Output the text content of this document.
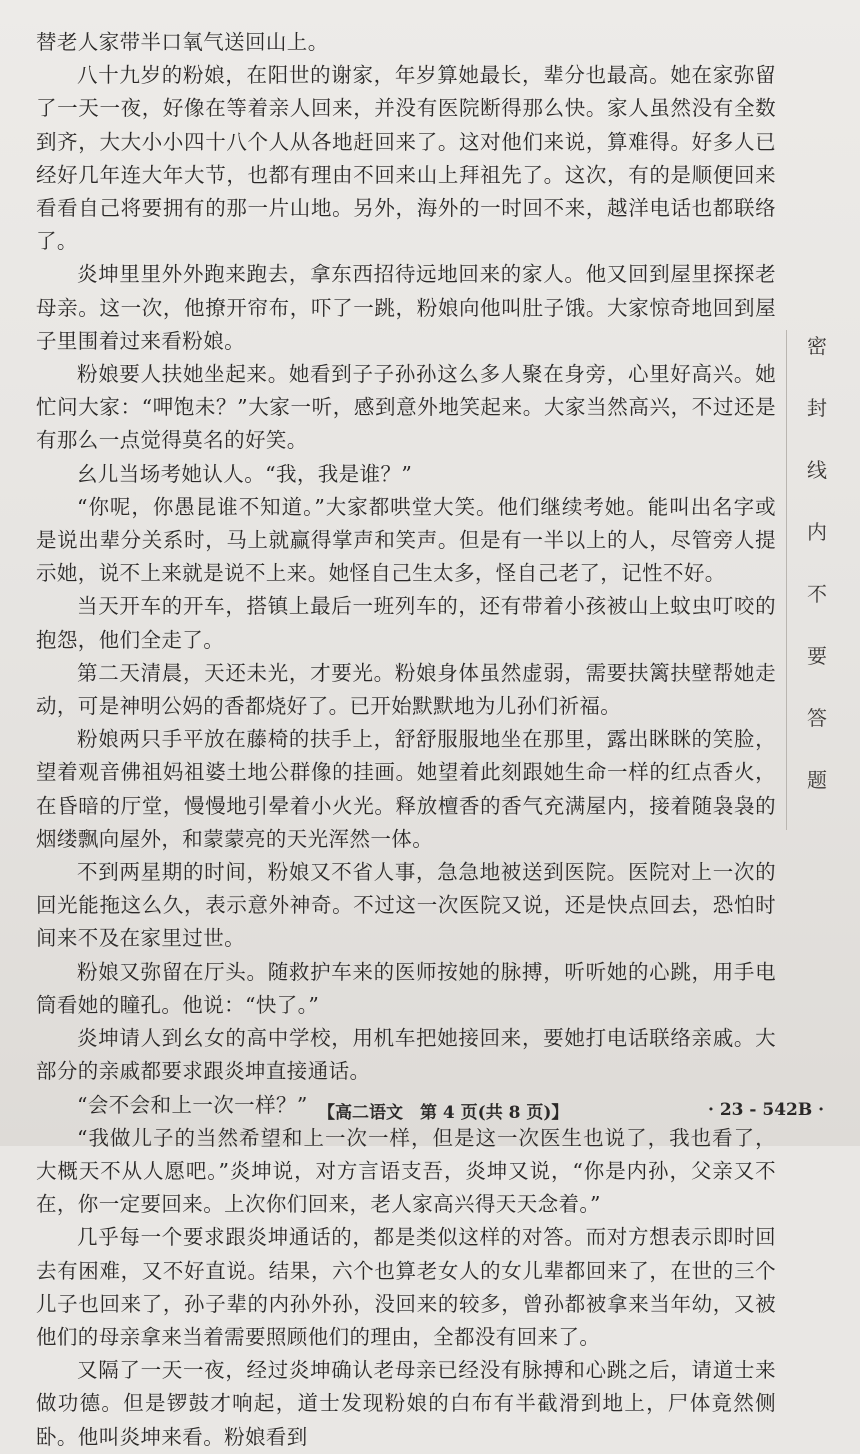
替老人家带半口氧气送回山上。

八十九岁的粉娘，在阳世的谢家，年岁算她最长，辈分也最高。她在家弥留了一天一夜，好像在等着亲人回来，并没有医院断得那么快。家人虽然没有全数到齐，大大小小四十八个人从各地赶回来了。这对他们来说，算难得。好多人已经好几年连大年大节，也都有理由不回来山上拜祖先了。这次，有的是顺便回来看看自己将要拥有的那一片山地。另外，海外的一时回不来，越洋电话也都联络了。

炎坤里里外外跑来跑去，拿东西招待远地回来的家人。他又回到屋里探探老母亲。这一次，他撩开帘布，吓了一跳，粉娘向他叫肚子饿。大家惊奇地回到屋子里围着过来看粉娘。

粉娘要人扶她坐起来。她看到子子孙孙这么多人聚在身旁，心里好高兴。她忙问大家：“呷饱未？”大家一听，感到意外地笑起来。大家当然高兴，不过还是有那么一点觉得莫名的好笑。

幺儿当场考她认人。“我，我是谁？”

“你呢，你愚昆谁不知道。”大家都哄堂大笑。他们继续考她。能叫出名字或是说出辈分关系时，马上就赢得掌声和笑声。但是有一半以上的人，尽管旁人提示她，说不上来就是说不上来。她怪自己生太多，怪自己老了，记性不好。

当天开车的开车，搭镇上最后一班列车的，还有带着小孩被山上蚊虫叮咬的抱怨，他们全走了。

第二天清晨，天还未光，才要光。粉娘身体虽然虚弱，需要扶篱扶壁帮她走动，可是神明公妈的香都烧好了。已开始默默地为儿孙们祈福。

粉娘两只手平放在藤椅的扶手上，舒舒服服地坐在那里，露出眯眯的笑脸，望着观音佛祖妈祖婆土地公群像的挂画。她望着此刻跟她生命一样的红点香火，在昏暗的厅堂，慢慢地引晕着小火光。释放檀香的香气充满屋内，接着随袅袅的烟缕飘向屋外，和蒙蒙亮的天光浑然一体。

不到两星期的时间，粉娘又不省人事，急急地被送到医院。医院对上一次的回光能拖这么久，表示意外神奇。不过这一次医院又说，还是快点回去，恐怕时间来不及在家里过世。

粉娘又弥留在厅头。随救护车来的医师按她的脉搏，听听她的心跳，用手电筒看她的瞳孔。他说：“快了。”

炎坤请人到幺女的高中学校，用机车把她接回来，要她打电话联络亲戚。大部分的亲戚都要求跟炎坤直接通话。

“会不会和上一次一样？”

“我做儿子的当然希望和上一次一样，但是这一次医生也说了，我也看了，大概天不从人愿吧。”炎坤说，对方言语支吾，炎坤又说，“你是内孙，父亲又不在，你一定要回来。上次你们回来，老人家高兴得天天念着。”

几乎每一个要求跟炎坤通话的，都是类似这样的对答。而对方想表示即时回去有困难，又不好直说。结果，六个也算老女人的女儿辈都回来了，在世的三个儿子也回来了，孙子辈的内孙外孙，没回来的较多，曾孙都被拿来当年幼，又被他们的母亲拿来当着需要照顾他们的理由，全都没有回来了。

又隔了一天一夜，经过炎坤确认老母亲已经没有脉搏和心跳之后，请道士来做功德。但是锣鼓才响起，道士发现粉娘的白布有半截滑到地上，尸体竟然侧卧。他叫炎坤来看。粉娘看到

密
封
线
内
不
要
答
题
【高二语文　第 4 页(共 8 页)】	· 23 - 542B ·
